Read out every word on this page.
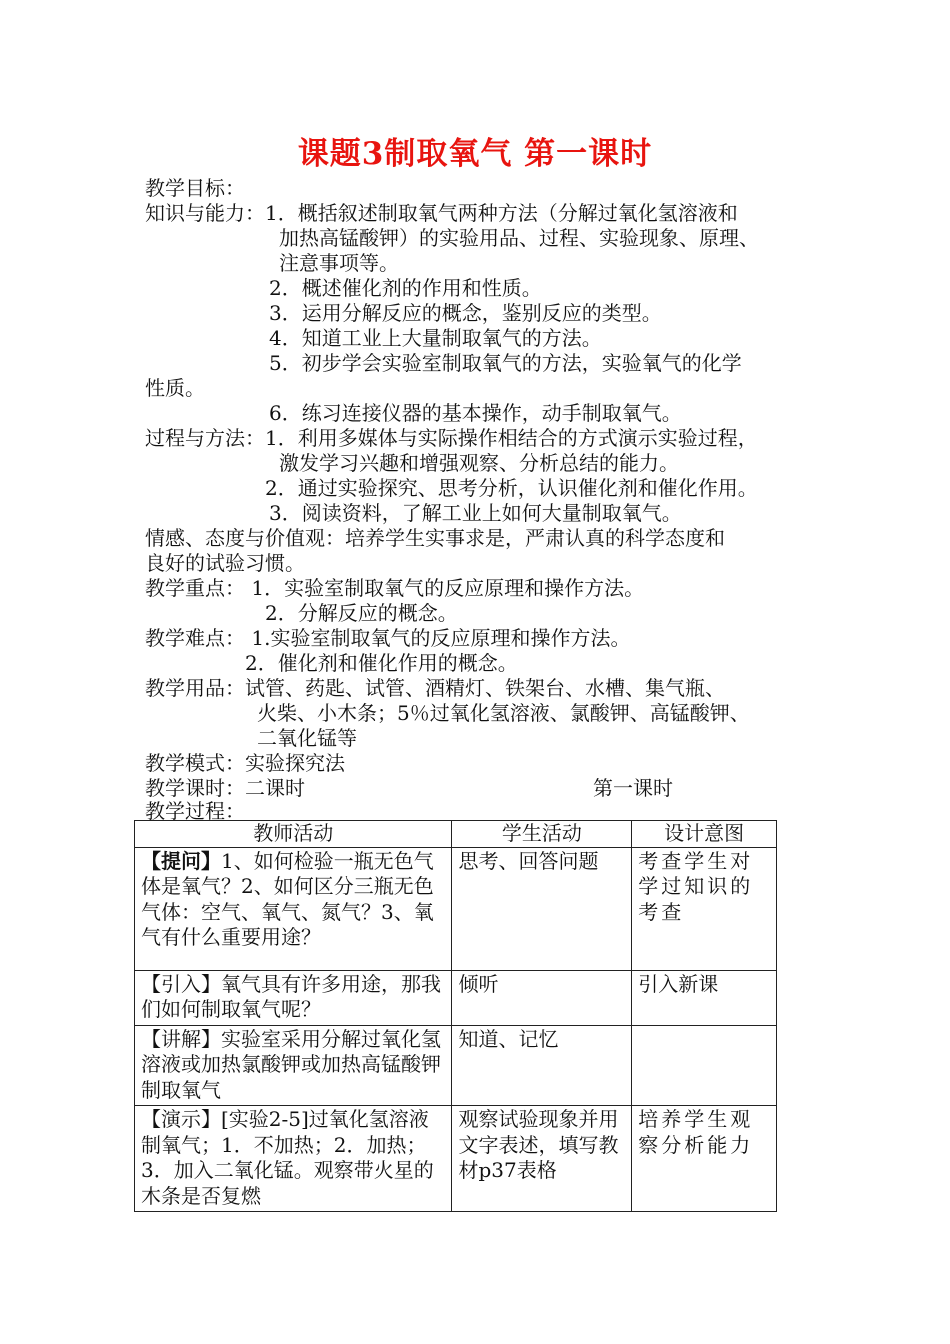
课题3制取氧气 第一课时
教学目标：
知识与能力：1．概括叙述制取氧气两种方法（分解过氧化氢溶液和
加热高锰酸钾）的实验用品、过程、实验现象、原理、
注意事项等。
2．概述催化剂的作用和性质。
3．运用分解反应的概念，鉴别反应的类型。
4．知道工业上大量制取氧气的方法。
5．初步学会实验室制取氧气的方法，实验氧气的化学
性质。
6．练习连接仪器的基本操作，动手制取氧气。
过程与方法：1．利用多媒体与实际操作相结合的方式演示实验过程，
激发学习兴趣和增强观察、分析总结的能力。
2．通过实验探究、思考分析，认识催化剂和催化作用。
3．阅读资料，了解工业上如何大量制取氧气。
情感、态度与价值观：培养学生实事求是，严肃认真的科学态度和
良好的试验习惯。
教学重点： 1．实验室制取氧气的反应原理和操作方法。
2．分解反应的概念。
教学难点： 1.实验室制取氧气的反应原理和操作方法。
2．催化剂和催化作用的概念。
教学用品：试管、药匙、试管、酒精灯、铁架台、水槽、集气瓶、
火柴、小木条；5％过氧化氢溶液、氯酸钾、高锰酸钾、
二氧化锰等
教学模式：实验探究法
教学课时：二课时	第一课时
教学过程：
教师活动	学生活动	设计意图
【提问】1、如何检验一瓶无色气体是氧气？2、如何区分三瓶无色气体：空气、氧气、氮气？3、氧气有什么重要用途？	思考、回答问题	考查学生对学过知识的考查
【引入】氧气具有许多用途，那我们如何制取氧气呢？	倾听	引入新课
【讲解】实验室采用分解过氧化氢溶液或加热氯酸钾或加热高锰酸钾制取氧气	知道、记忆	
【演示】[实验2-5]过氧化氢溶液制氧气；1．不加热；2．加热；3．加入二氧化锰。观察带火星的木条是否复燃	观察试验现象并用文字表述，填写教材p37表格	培养学生观察分析能力
